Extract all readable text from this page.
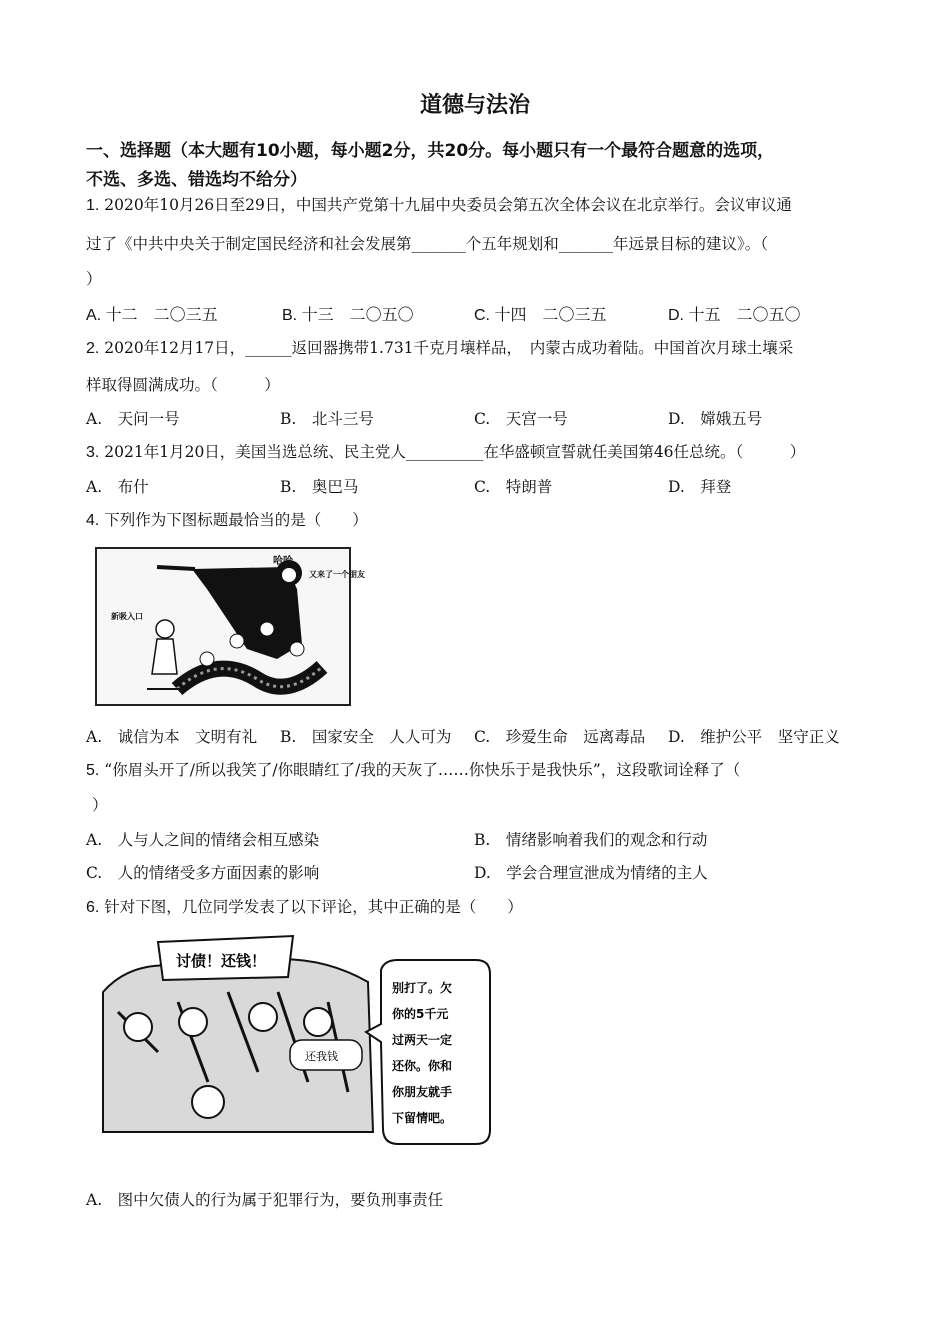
道德与法治
一、选择题（本大题有10小题，每小题2分，共20分。每小题只有一个最符合题意的选项，
不选、多选、错选均不给分）
1. 2020年10月26日至29日，中国共产党第十九届中央委员会第五次全体会议在北京举行。会议审议通
过了《中共中央关于制定国民经济和社会发展第_______个五年规划和_______年远景目标的建议》。（
）
A. 十二　二〇三五	B. 十三　二〇五〇	C. 十四　二〇三五	D. 十五　二〇五〇
2. 2020年12月17日，______返回器携带1.731千克月壤样品，　内蒙古成功着陆。中国首次月球土壤采
样取得圆满成功。（　　　）
A.　天问一号	B.　北斗三号	C.　天宫一号	D.　嫦娥五号
3. 2021年1月20日，美国当选总统、民主党人__________在华盛顿宣誓就任美国第46任总统。（　　　）
A.　布什	B.　奥巴马	C.　特朗普	D.　拜登
4. 下列作为下图标题最恰当的是（　　）
哈哈
又来了一个朋友
新吸入口
A.　诚信为本　文明有礼 B.　国家安全　人人可为 C.　珍爱生命　远离毒品 D.　维护公平　坚守正义
5. “你眉头开了/所以我笑了/你眼睛红了/我的天灰了……你快乐于是我快乐”，这段歌词诠释了（
）
A.　人与人之间的情绪会相互感染	B.　情绪影响着我们的观念和行动
C.　人的情绪受多方面因素的影响	D.　学会合理宣泄成为情绪的主人
6. 针对下图，几位同学发表了以下评论，其中正确的是（　　）
讨债！还钱！
还我钱
别打了。欠
你的5千元
过两天一定
还你。你和
你朋友就手
下留情吧。
A.　图中欠债人的行为属于犯罪行为，要负刑事责任
